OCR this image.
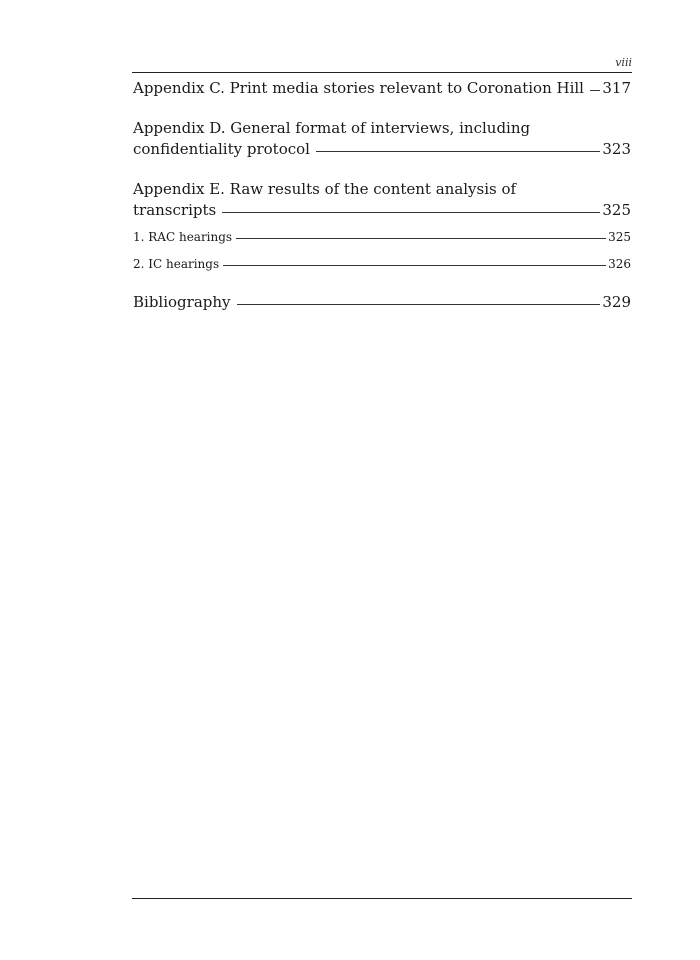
viii
Appendix C. Print media stories relevant to Coronation Hill 317
Appendix D. General format of interviews, including
confidentiality protocol	323
Appendix E. Raw results of the content analysis of
transcripts	325
1. RAC hearings	325
2. IC hearings	326
Bibliography	329
